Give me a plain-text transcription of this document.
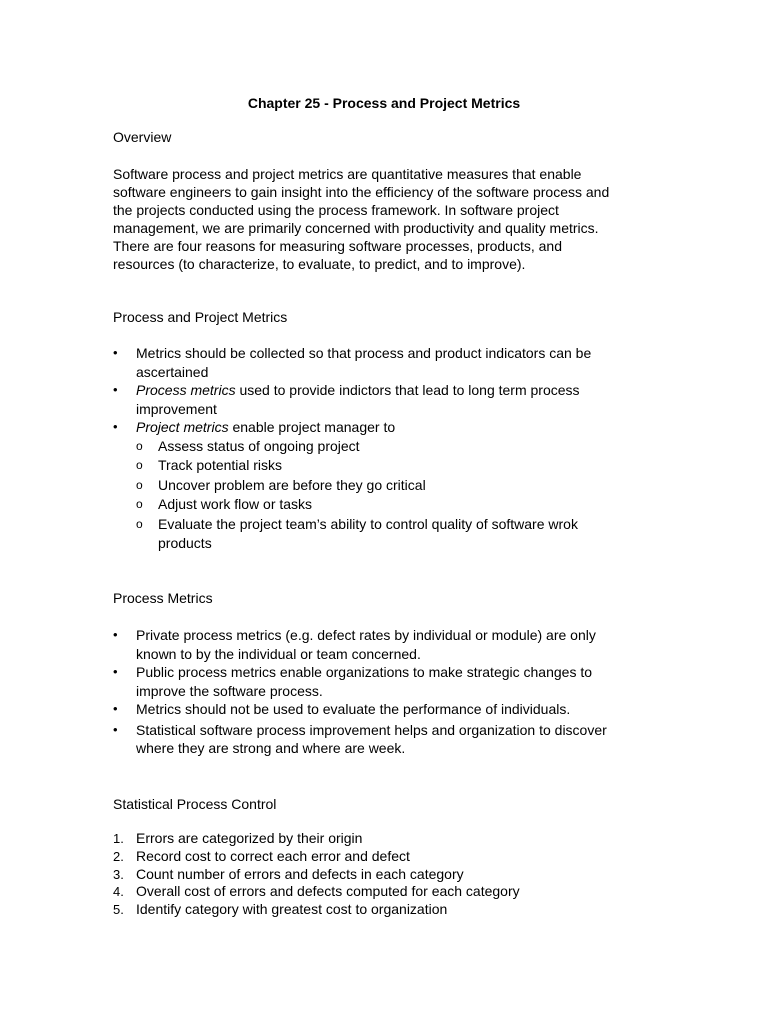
Chapter 25 - Process and Project Metrics
Overview
Software process and project metrics are quantitative measures that enable
software engineers to gain insight into the efficiency of the software process and
the projects conducted using the process framework. In software project
management, we are primarily concerned with productivity and quality metrics.
There are four reasons for measuring software processes, products, and
resources (to characterize, to evaluate, to predict, and to improve).
Process and Project Metrics
•	Metrics should be collected so that process and product indicators can be
ascertained
•	Process metrics used to provide indictors that lead to long term process
improvement
•	Project metrics enable project manager to
o	Assess status of ongoing project
o	Track potential risks
o	Uncover problem are before they go critical
o	Adjust work flow or tasks
o	Evaluate the project team’s ability to control quality of software wrok
products
Process Metrics
•	Private process metrics (e.g. defect rates by individual or module) are only
known to by the individual or team concerned.
•	Public process metrics enable organizations to make strategic changes to
improve the software process.
•	Metrics should not be used to evaluate the performance of individuals.
•	Statistical software process improvement helps and organization to discover
where they are strong and where are week.
Statistical Process Control
1. Errors are categorized by their origin
2. Record cost to correct each error and defect
3. Count number of errors and defects in each category
4. Overall cost of errors and defects computed for each category
5. Identify category with greatest cost to organization
